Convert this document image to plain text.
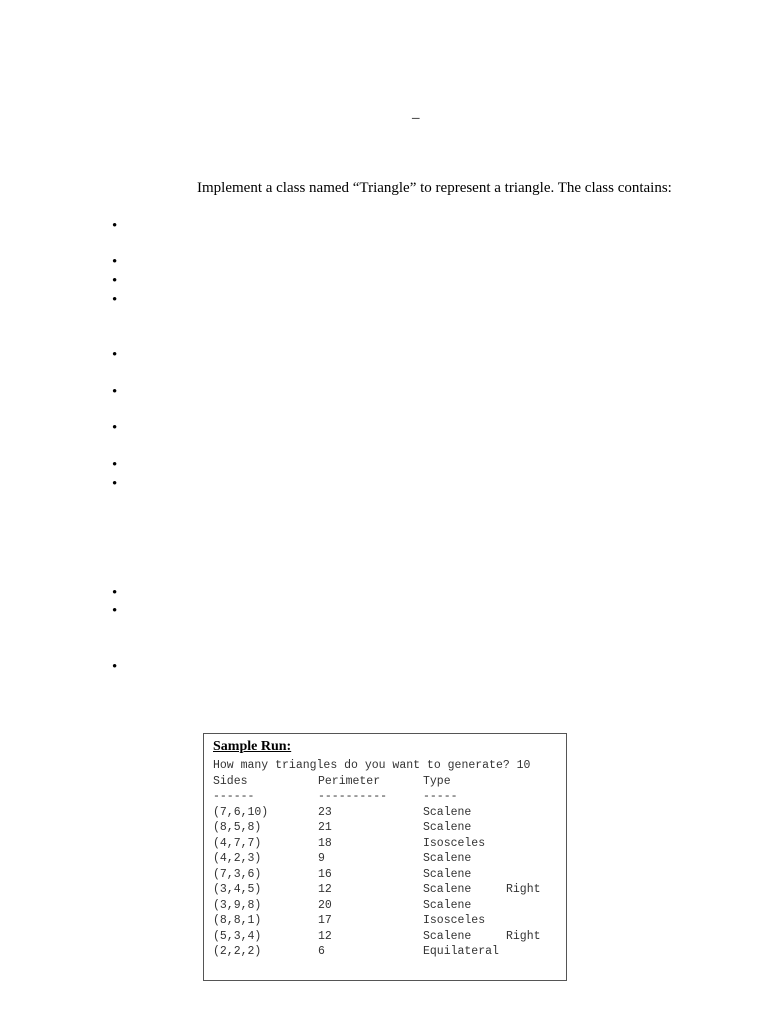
–
Implement a class named “Triangle” to represent a triangle. The class contains:
•
•
•
•
•
•
•
•
•
•
•
•
Sample Run:
How many triangles do you want to generate? 10
Sides	Perimeter	Type
------	----------	-----
(7,6,10)	23	Scalene
(8,5,8)	21	Scalene
(4,7,7)	18	Isosceles
(4,2,3)	9	Scalene
(7,3,6)	16	Scalene
(3,4,5)	12	Scalene	Right
(3,9,8)	20	Scalene
(8,8,1)	17	Isosceles
(5,3,4)	12	Scalene	Right
(2,2,2)	6	Equilateral
